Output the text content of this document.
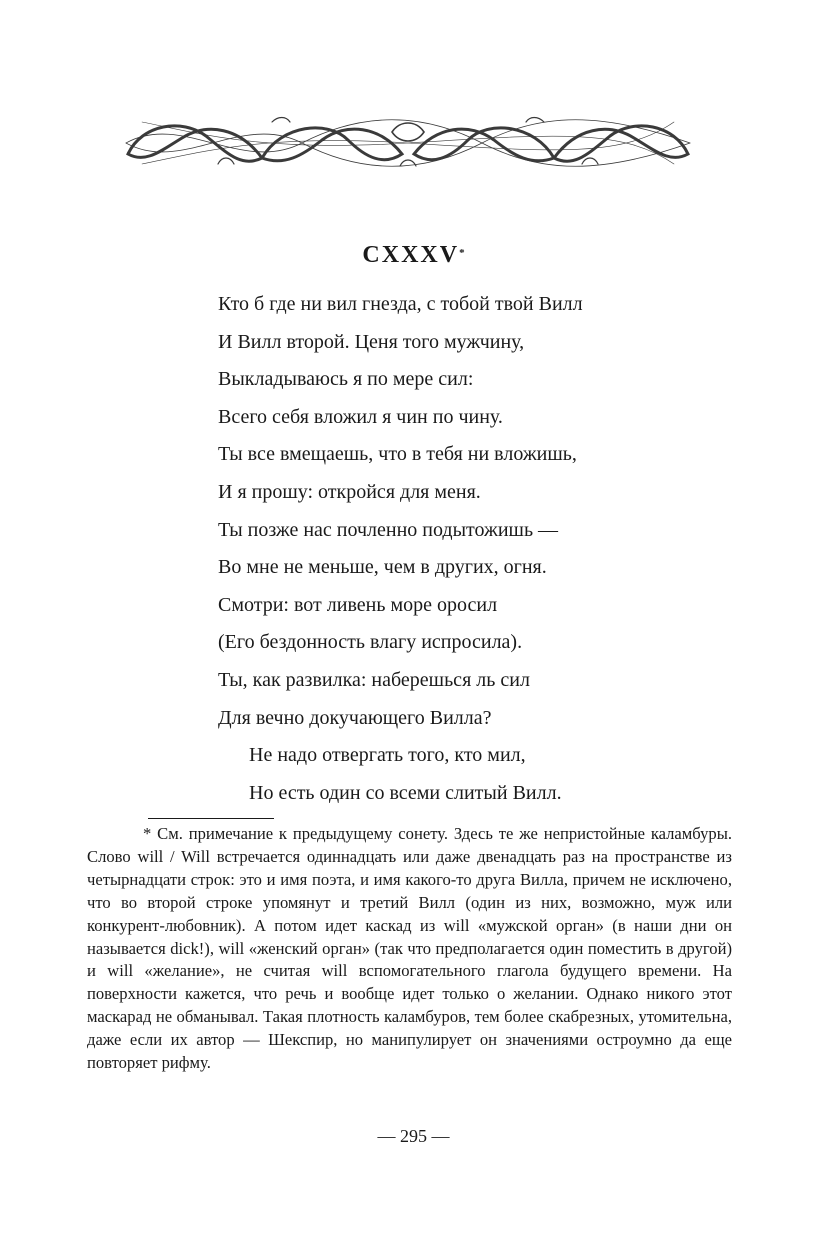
CXXXV*
Кто б где ни вил гнезда, с тобой твой Вилл
И Вилл второй. Ценя того мужчину,
Выкладываюсь я по мере сил:
Всего себя вложил я чин по чину.
Ты все вмещаешь, что в тебя ни вложишь,
И я прошу: откройся для меня.
Ты позже нас почленно подытожишь —
Во мне не меньше, чем в других, огня.
Смотри: вот ливень море оросил
(Его бездонность влагу испросила).
Ты, как развилка: наберешься ль сил
Для вечно докучающего Вилла?
Не надо отвергать того, кто мил,
Но есть один со всеми слитый Вилл.

* См. примечание к предыдущему сонету. Здесь те же непристойные каламбуры. Слово will / Will встречается одиннадцать или даже двенадцать раз на пространстве из четырнадцати строк: это и имя поэта, и имя какого-то друга Вилла, причем не исключено, что во второй строке упомянут и третий Вилл (один из них, возможно, муж или конкурент-любовник). А потом идет каскад из will «мужской орган» (в наши дни он называется dick!), will «женский орган» (так что предполагается один поместить в другой) и will «желание», не считая will вспомогательного глагола будущего времени. На поверхности кажется, что речь и вообще идет только о желании. Однако никого этот маскарад не обманывал. Такая плотность каламбуров, тем более скабрезных, утомительна, даже если их автор — Шекспир, но манипулирует он значениями остроумно да еще повторяет рифму.

— 295 —
